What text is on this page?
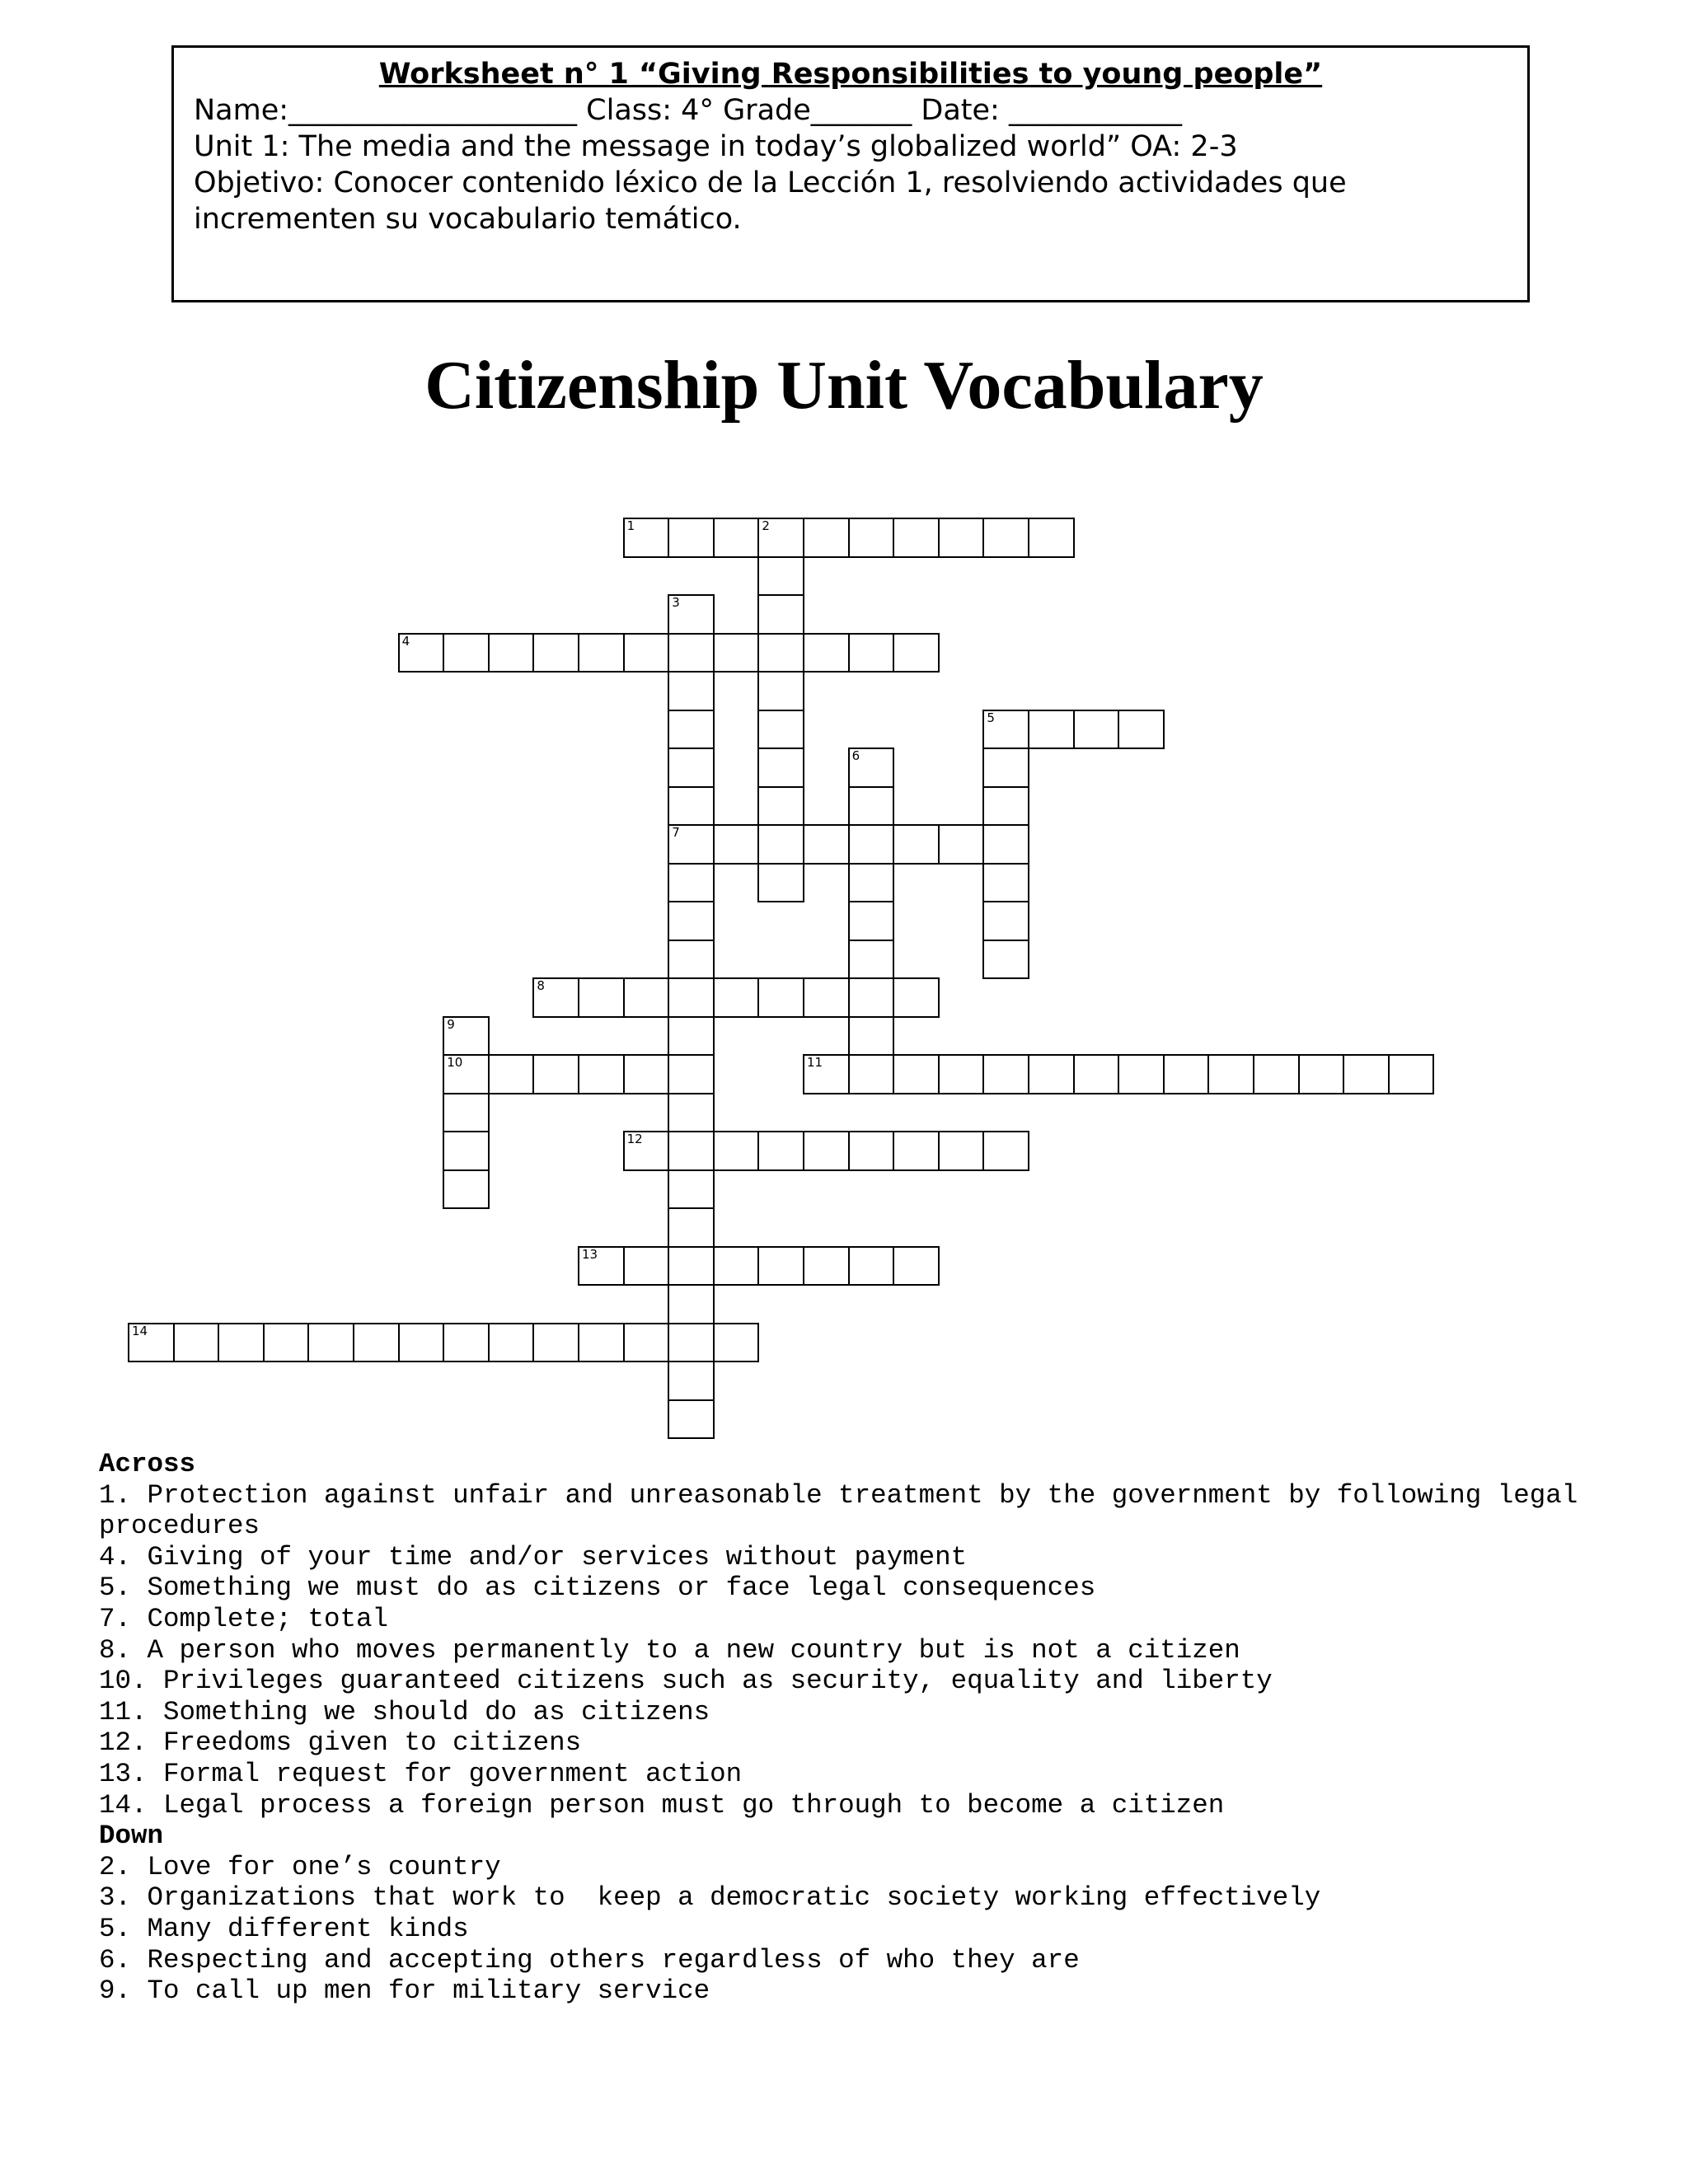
Worksheet n° 1 “Giving Responsibilities to young people”
Name:____________________ Class: 4° Grade_______ Date: ____________
Unit 1: The media and the message in today’s globalized world” OA: 2-3
Objetivo: Conocer contenido léxico de la Lección 1, resolviendo actividades que incrementen su vocabulario temático.
Citizenship Unit Vocabulary
1	2
3
7
4
5
6
8
9
10	11
12
13
14
Across
1. Protection against unfair and unreasonable treatment by the government by following legal procedures
4. Giving of your time and/or services without payment
5. Something we must do as citizens or face legal consequences
7. Complete; total
8. A person who moves permanently to a new country but is not a citizen
10. Privileges guaranteed citizens such as security, equality and liberty
11. Something we should do as citizens
12. Freedoms given to citizens
13. Formal request for government action
14. Legal process a foreign person must go through to become a citizen
Down
2. Love for one’s country
3. Organizations that work to  keep a democratic society working effectively
5. Many different kinds
6. Respecting and accepting others regardless of who they are
9. To call up men for military service
